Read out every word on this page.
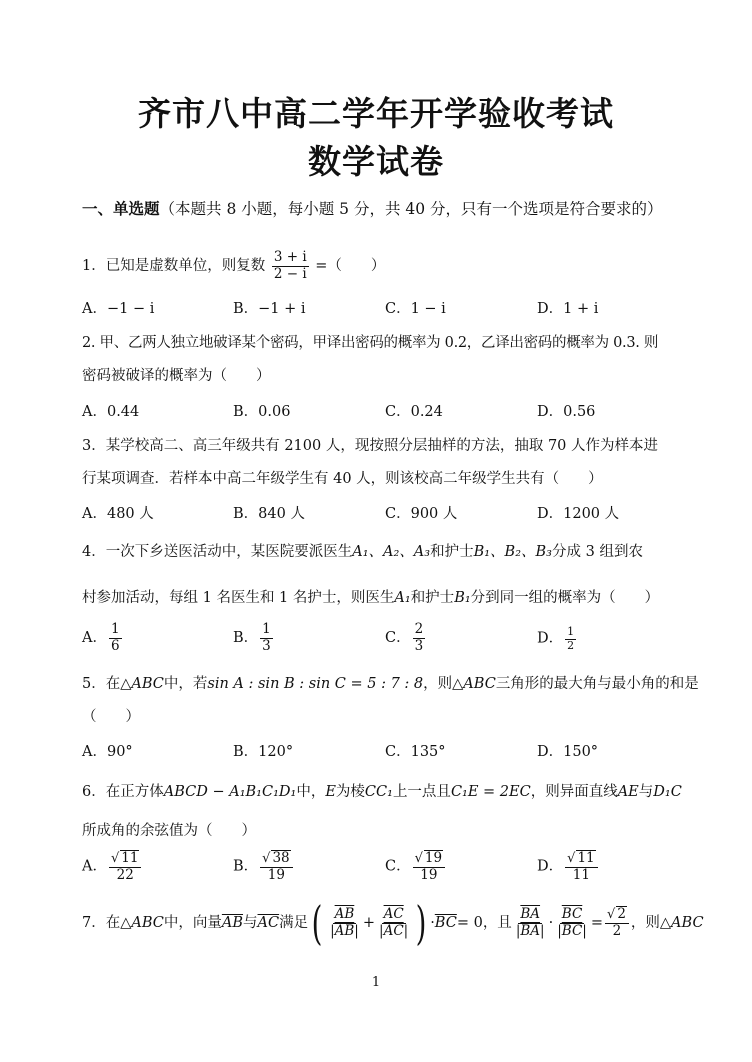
齐市八中高二学年开学验收考试
数学试卷
一、单选题（本题共 8 小题，每小题 5 分，共 40 分，只有一个选项是符合要求的）
1．已知是虚数单位，则复数 $\frac{3 + i}{2 - i}$ =（　　）
A．−1 − i	B．−1 + i	C．1 − i	D．1 + i
2. 甲、乙两人独立地破译某个密码，甲译出密码的概率为 0.2，乙译出密码的概率为 0.3. 则
密码被破译的概率为（　　）
A．0.44	B．0.06	C．0.24	D．0.56
3．某学校高二、高三年级共有 2100 人，现按照分层抽样的方法，抽取 70 人作为样本进
行某项调查．若样本中高二年级学生有 40 人，则该校高二年级学生共有（　　）
A．480 人	B．840 人	C．900 人	D．1200 人
4．一次下乡送医活动中，某医院要派医生A₁、A₂、A₃和护士B₁、B₂、B₃分成 3 组到农
村参加活动，每组 1 名医生和 1 名护士，则医生A₁和护士B₁分到同一组的概率为（　　）
A． $\frac{1}{6}$	B． $\frac{1}{3}$	C． $\frac{2}{3}$	D． $\frac{1}{2}$
5．在△ABC中，若sin A : sin B : sin C = 5 : 7 : 8，则△ABC三角形的最大角与最小角的和是
（　　）
A．90°	B．120°	C．135°	D．150°
6．在正方体ABCD − A₁B₁C₁D₁中，E为棱CC₁上一点且C₁E = 2EC，则异面直线AE与D₁C
所成角的余弦值为（　　）
A． $\frac{√ 11}{22}$	B． $\frac{√ 38}{19}$	C． $\frac{√ 19}{19}$	D． $\frac{√ 11}{11}$
7．在△ABC中，向量$\overline{AB}$与$\overline{AC}$满足( $\frac{\overline{AB}}{|\overline{AB}|} + \frac{\overline{AC}}{|\overline{AC}|}$ ) $\cdot\overline{BC}= 0$，且 $\frac{\overline{BA}}{|\overline{BA}|} \cdot \frac{\overline{BC}}{|\overline{BC}|} = \frac{√ 2}{2}$ ，则△ABC
1
